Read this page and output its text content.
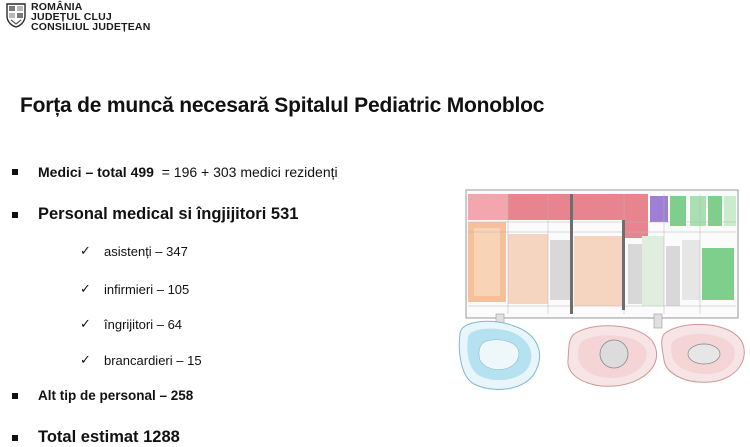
ROMÂNIA
JUDEȚUL CLUJ
CONSILIUL JUDEȚEAN
Forța de muncă necesară Spitalul Pediatric Monobloc
Medici – total 499
= 196 + 303 medici rezidenți
Personal medical si îngjijitori 531
✓ asistenți – 347
✓ infirmieri – 105
✓ îngrijitori – 64
✓ brancardieri – 15
Alt tip de personal – 258
Total estimat 1288
